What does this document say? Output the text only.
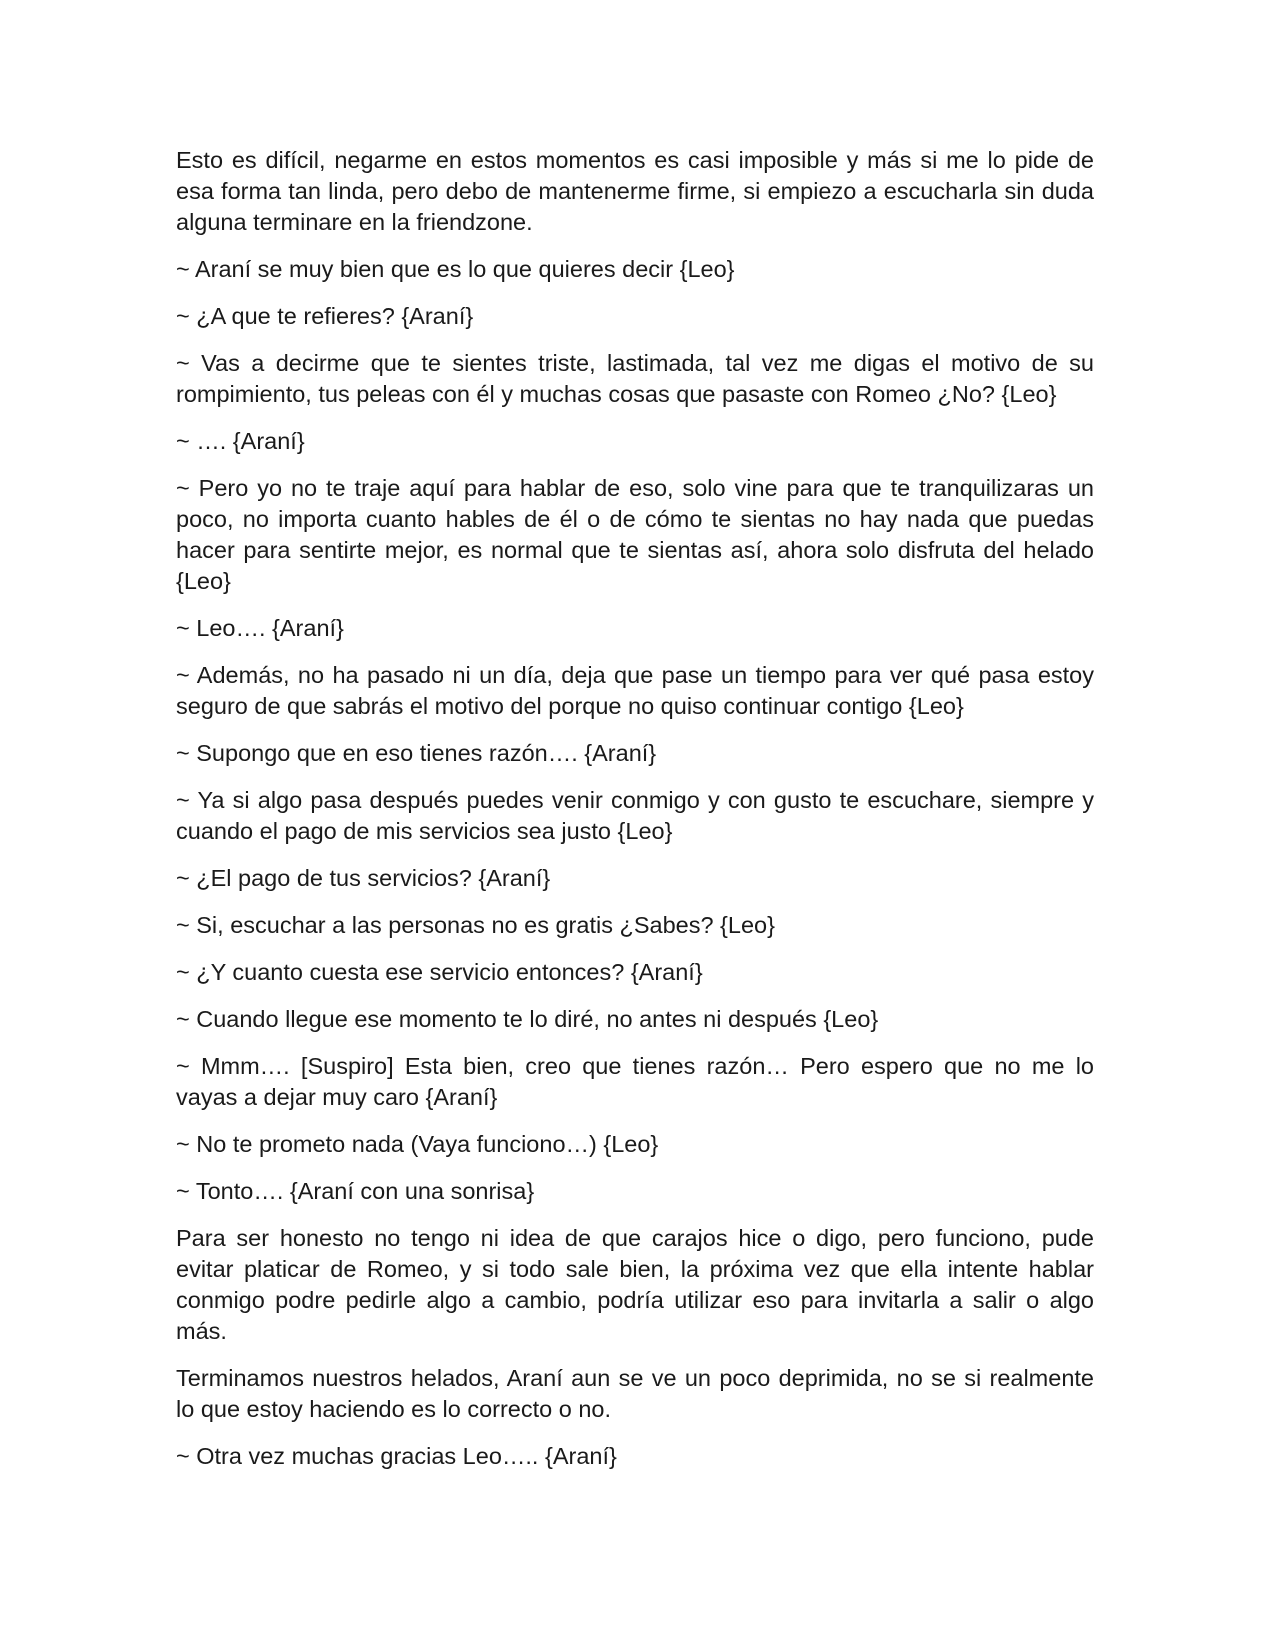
Esto es difícil, negarme en estos momentos es casi imposible y más si me lo pide de esa forma tan linda, pero debo de mantenerme firme, si empiezo a escucharla sin duda alguna terminare en la friendzone.

~ Araní se muy bien que es lo que quieres decir {Leo}

~ ¿A que te refieres? {Araní}

~ Vas a decirme que te sientes triste, lastimada, tal vez me digas el motivo de su rompimiento, tus peleas con él y muchas cosas que pasaste con Romeo ¿No? {Leo}

~ …. {Araní}

~ Pero yo no te traje aquí para hablar de eso, solo vine para que te tranquilizaras un poco, no importa cuanto hables de él o de cómo te sientas no hay nada que puedas hacer para sentirte mejor, es normal que te sientas así, ahora solo disfruta del helado {Leo}

~ Leo…. {Araní}

~ Además, no ha pasado ni un día, deja que pase un tiempo para ver qué pasa estoy seguro de que sabrás el motivo del porque no quiso continuar contigo {Leo}

~ Supongo que en eso tienes razón…. {Araní}

~ Ya si algo pasa después puedes venir conmigo y con gusto te escuchare, siempre y cuando el pago de mis servicios sea justo {Leo}

~ ¿El pago de tus servicios? {Araní}

~ Si, escuchar a las personas no es gratis ¿Sabes? {Leo}

~ ¿Y cuanto cuesta ese servicio entonces? {Araní}

~ Cuando llegue ese momento te lo diré, no antes ni después {Leo}

~ Mmm…. [Suspiro] Esta bien, creo que tienes razón… Pero espero que no me lo vayas a dejar muy caro {Araní}

~ No te prometo nada (Vaya funciono…) {Leo}

~ Tonto…. {Araní con una sonrisa}

Para ser honesto no tengo ni idea de que carajos hice o digo, pero funciono, pude evitar platicar de Romeo, y si todo sale bien, la próxima vez que ella intente hablar conmigo podre pedirle algo a cambio, podría utilizar eso para invitarla a salir o algo más.

Terminamos nuestros helados, Araní aun se ve un poco deprimida, no se si realmente lo que estoy haciendo es lo correcto o no.

~ Otra vez muchas gracias Leo….. {Araní}
